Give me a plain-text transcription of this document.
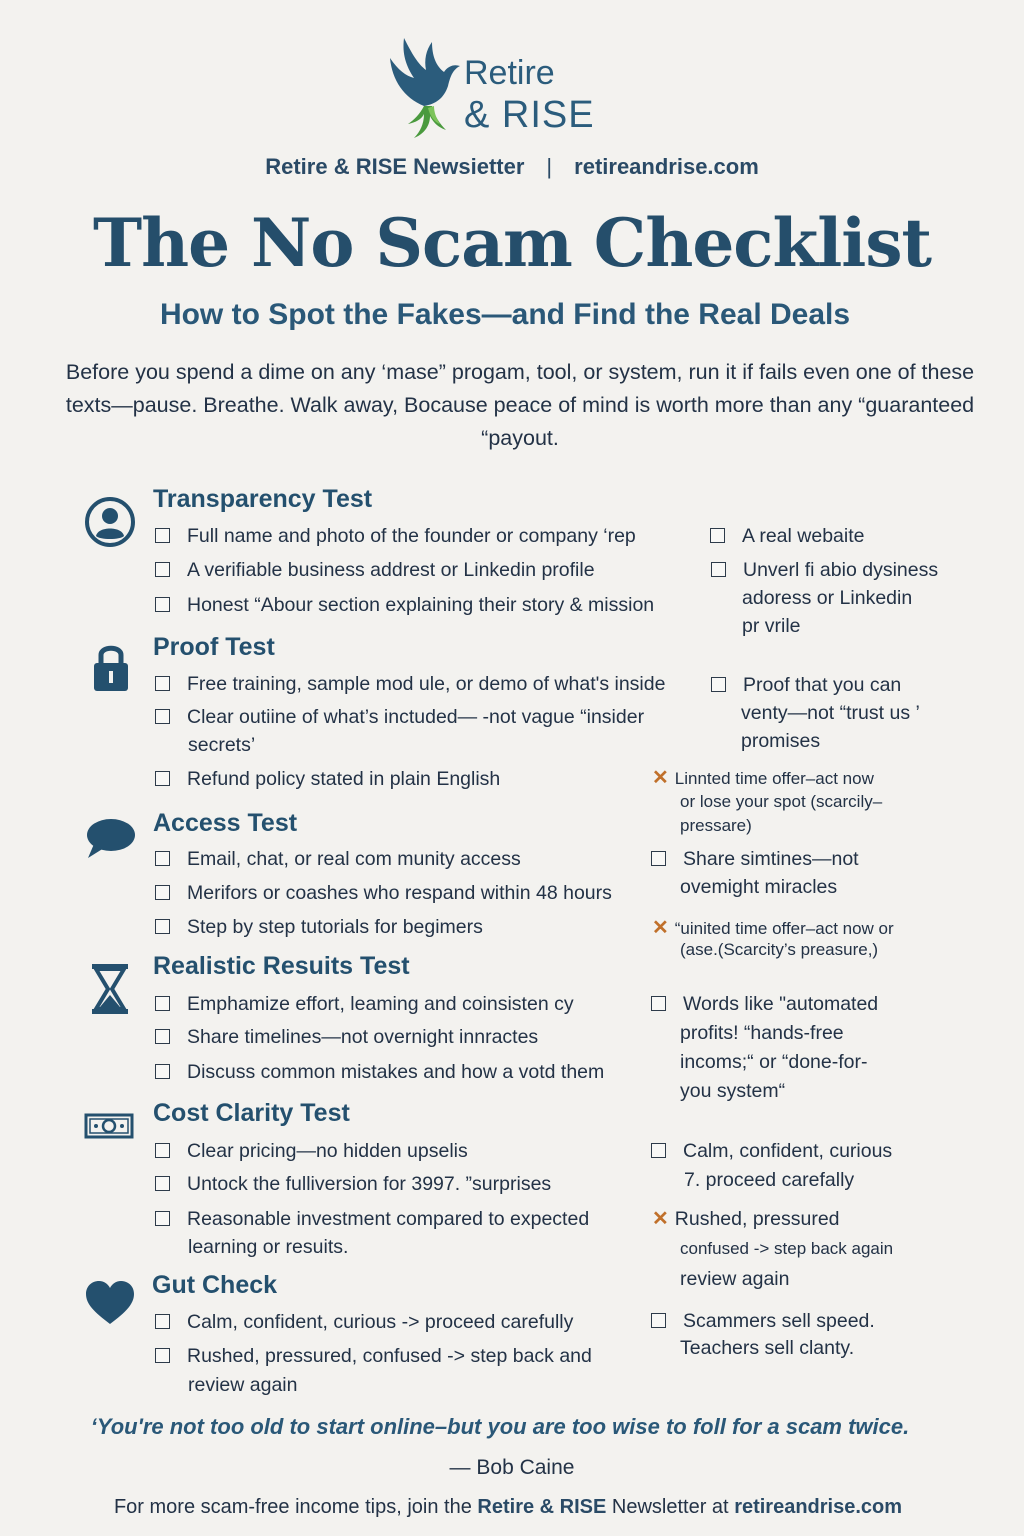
Retire
& RISE
Retire & RISE Newsietter | retireandrise.com
The No Scam Checklist
How to Spot the Fakes—and Find the Real Deals
Before you spend a dime on any ‘mase” progam, tool, or system, run it if fails even one of these texts—pause. Breathe. Walk away, Bocause peace of mind is worth more than any “guaranteed “payout.
Transparency Test
Full name and photo of the founder or company ‘rep
A verifiable business addrest or Linkedin profile
Honest “Abour section explaining their story & mission
A real webaite
Unverl fi abio dysiness
adoress or Linkedin
pr vrile
Proof Test
Free training, sample mod ule, or demo of what's inside
Clear outiine of what’s inctuded— -not vague “insider
secrets’
Refund policy stated in plain English
Proof that you can
venty—not “trust us ’
promises
✕ Linnted time offer–act now
or lose your spot (scarcily–
pressare)
Access Test
Email, chat, or real com munity access
Merifors or coashes who respand within 48 hours
Step by step tutorials for begimers
Share simtines—not
ovemight miracles
✕ “uinited time offer–act now or
(ase.(Scarcity’s preasure,)
Realistic Resuits Test
Emphamize effort, leaming and coinsisten cy
Share timelines—not overnight innractes
Discuss common mistakes and how a votd them
Words like "automated
profits! “hands-free
incoms;“ or “done-for-
you system“
Cost Clarity Test
Clear pricing—no hidden upselis
Untock the fulliversion for 3997. ”surprises
Reasonable investment compared to expected
learning or resuits.
Calm, confident, curious
7. proceed carefally
✕ Rushed, pressured
confused -> step back again
review again
Gut Check
Calm, confident, curious -> proceed carefully
Rushed, pressured, confused -> step back and
review again
Scammers sell speed.
Teachers sell clanty.
‘You're not too old to start online–but you are too wise to foll for a scam twice.
— Bob Caine
For more scam-free income tips, join the Retire & RISE Newsletter at retireandrise.com
